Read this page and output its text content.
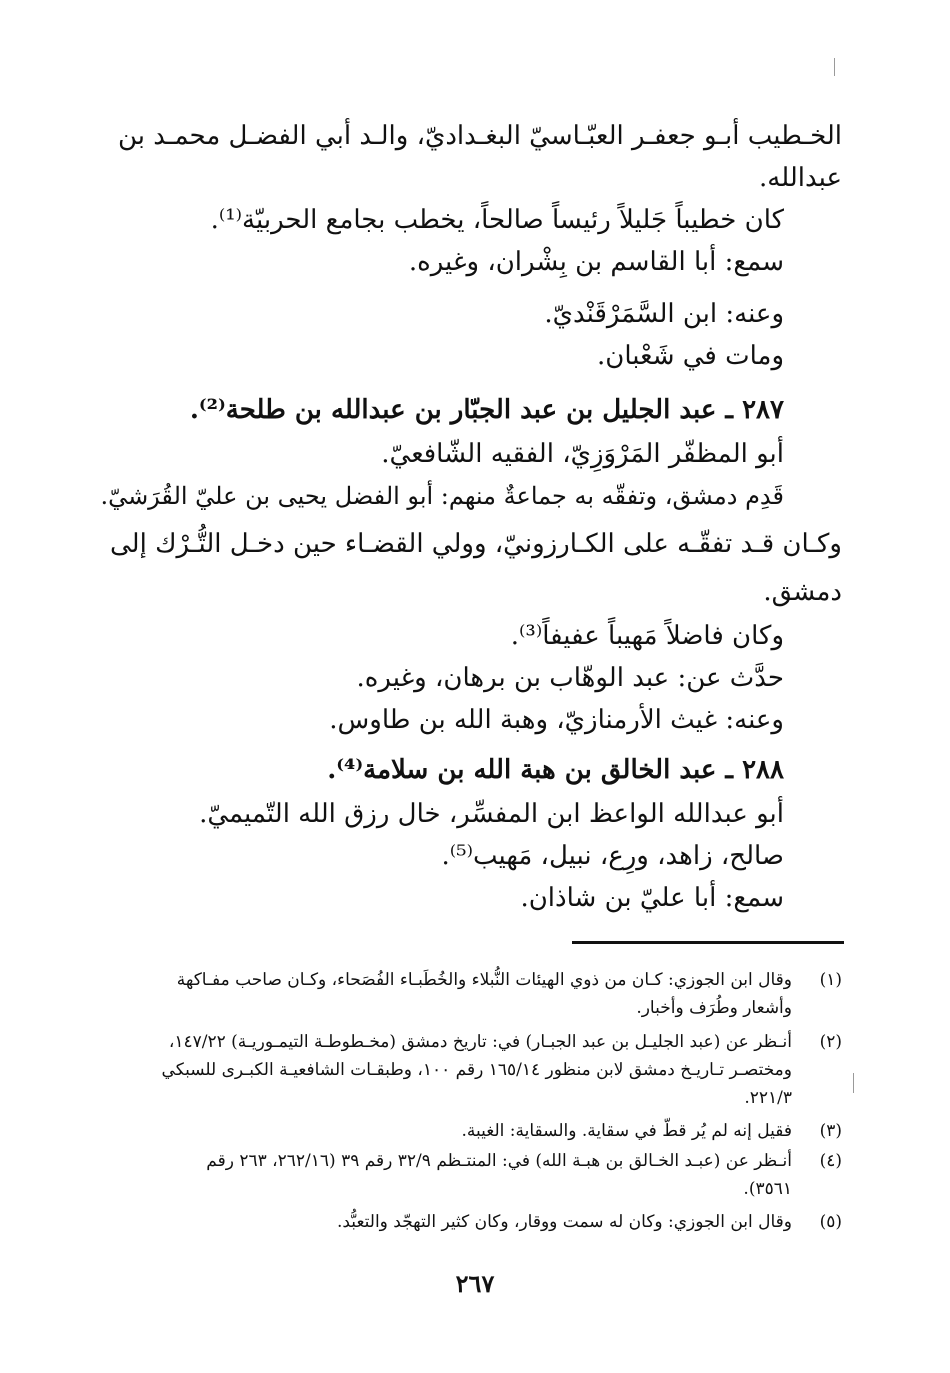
الخـطيب أبـو جعفـر العبّـاسيّ البغـداديّ، والـد أبي الفضـل محمـد بن
عبدالله.
كان خطيباً جَليلاً رئيساً صالحاً، يخطب بجامع الحربيّة⁽¹⁾.
سمع: أبا القاسم بن بِشْران، وغيره.
وعنه: ابن السَّمَرْقَنْديّ.
ومات في شَعْبان.
٢٨٧ ـ عبد الجليل بن عبد الجبّار بن عبدالله بن طلحة⁽²⁾.
أبو المظفّر المَرْوَزِيّ، الفقيه الشّافعيّ.
قَدِم دمشق، وتفقّه به جماعةٌ منهم: أبو الفضل يحيى بن عليّ القُرَشيّ.
وكـان قـد تفقّـه على الكـارزونيّ، وولي القضـاء حين دخـل التُّـرْك إلى
دمشق.
وكان فاضلاً مَهيباً عفيفاً⁽³⁾.
حدَّث عن: عبد الوهّاب بن برهان، وغيره.
وعنه: غيث الأرمنازيّ، وهبة الله بن طاوس.
٢٨٨ ـ عبد الخالق بن هبة الله بن سلامة⁽⁴⁾.
أبو عبدالله الواعظ ابن المفسِّر، خال رزق الله التّميميّ.
صالح، زاهد، ورِع، نبيل، مَهيب⁽⁵⁾.
سمع: أبا عليّ بن شاذان.
(١)
وقال ابن الجوزي: كـان من ذوي الهيئات النُّبلاء والخُطَبـاء الفُصَحاء، وكـان صاحب مفـاكهة
وأشعار وطُرَف وأخبار.
(٢)
أنـظر عن (عبد الجليـل بن عبد الجبـار) في: تاريخ دمشق (مخـطوطـة التيمـوريـة) ١٤٧/٢٢،
ومختصـر تـاريـخ دمشق لابن منظور ١٦٥/١٤ رقم ١٠٠، وطبقـات الشافعيـة الكبـرى للسبكي
٢٢١/٣.
(٣)
فقيل إنه لم يُر قطّ في سقاية. والسقاية: الغيبة.
(٤)
أنـظر عن (عبـد الخـالق بن هبـة الله) في: المنتـظم ٣٢/٩ رقم ٣٩ (٢٦٢/١٦، ٢٦٣ رقم
٣٥٦١).
(٥)
وقال ابن الجوزي: وكان له سمت ووقار، وكان كثير التهجّد والتعبُّد.
٢٦٧
